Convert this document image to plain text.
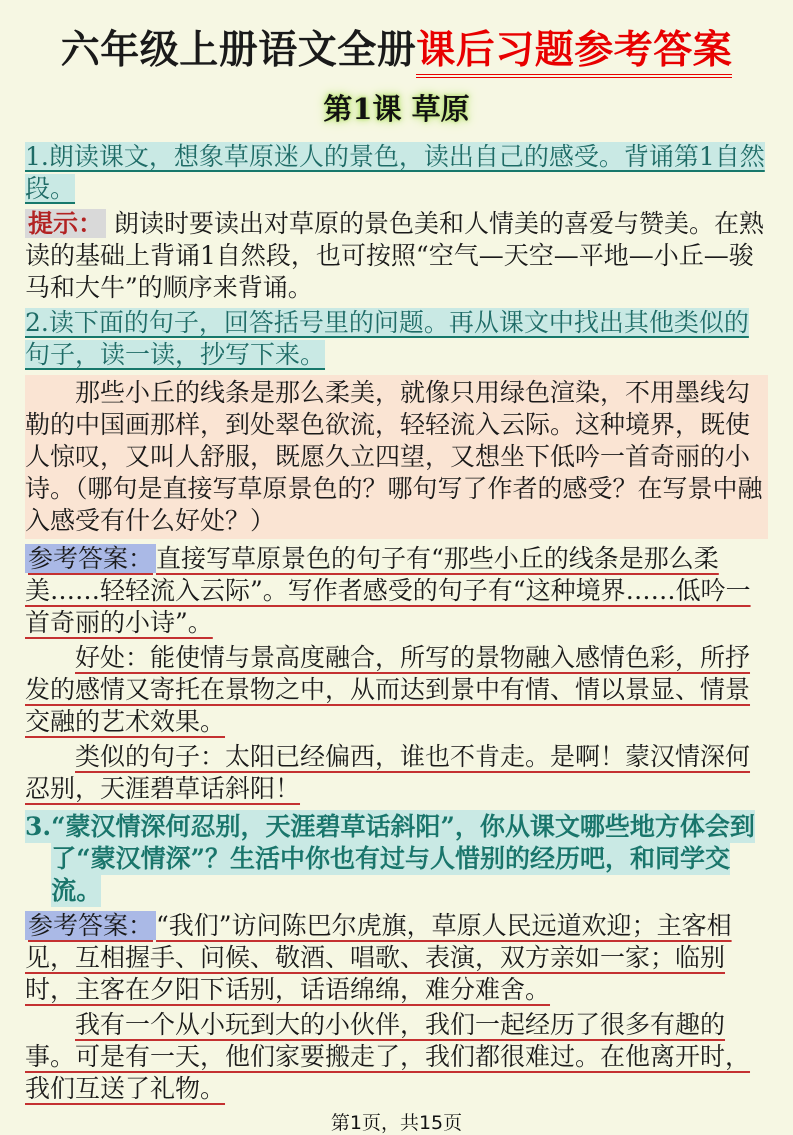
六年级上册语文全册课后习题参考答案
第1课 草原

1.朗读课文，想象草原迷人的景色，读出自己的感受。背诵第1自然段。

提示： 朗读时要读出对草原的景色美和人情美的喜爱与赞美。在熟读的基础上背诵1自然段，也可按照“空气—天空—平地—小丘—骏马和大牛”的顺序来背诵。

2.读下面的句子，回答括号里的问题。再从课文中找出其他类似的句子，读一读，抄写下来。

那些小丘的线条是那么柔美，就像只用绿色渲染，不用墨线勾勒的中国画那样，到处翠色欲流，轻轻流入云际。这种境界，既使人惊叹，又叫人舒服，既愿久立四望，又想坐下低吟一首奇丽的小诗。（哪句是直接写草原景色的？哪句写了作者的感受？在写景中融入感受有什么好处？）

参考答案： 直接写草原景色的句子有“那些小丘的线条是那么柔美……轻轻流入云际”。写作者感受的句子有“这种境界……低吟一首奇丽的小诗”。

好处：能使情与景高度融合，所写的景物融入感情色彩，所抒发的感情又寄托在景物之中，从而达到景中有情、情以景显、情景交融的艺术效果。

类似的句子：太阳已经偏西，谁也不肯走。是啊！蒙汉情深何忍别，天涯碧草话斜阳！

3.“蒙汉情深何忍别，天涯碧草话斜阳”，你从课文哪些地方体会到了“蒙汉情深”？生活中你也有过与人惜别的经历吧，和同学交流。

参考答案： “我们”访问陈巴尔虎旗，草原人民远道欢迎；主客相见，互相握手、问候、敬酒、唱歌、表演，双方亲如一家；临别时，主客在夕阳下话别，话语绵绵，难分难舍。

我有一个从小玩到大的小伙伴，我们一起经历了很多有趣的事。可是有一天，他们家要搬走了，我们都很难过。在他离开时，我们互送了礼物。

第1页，共15页
